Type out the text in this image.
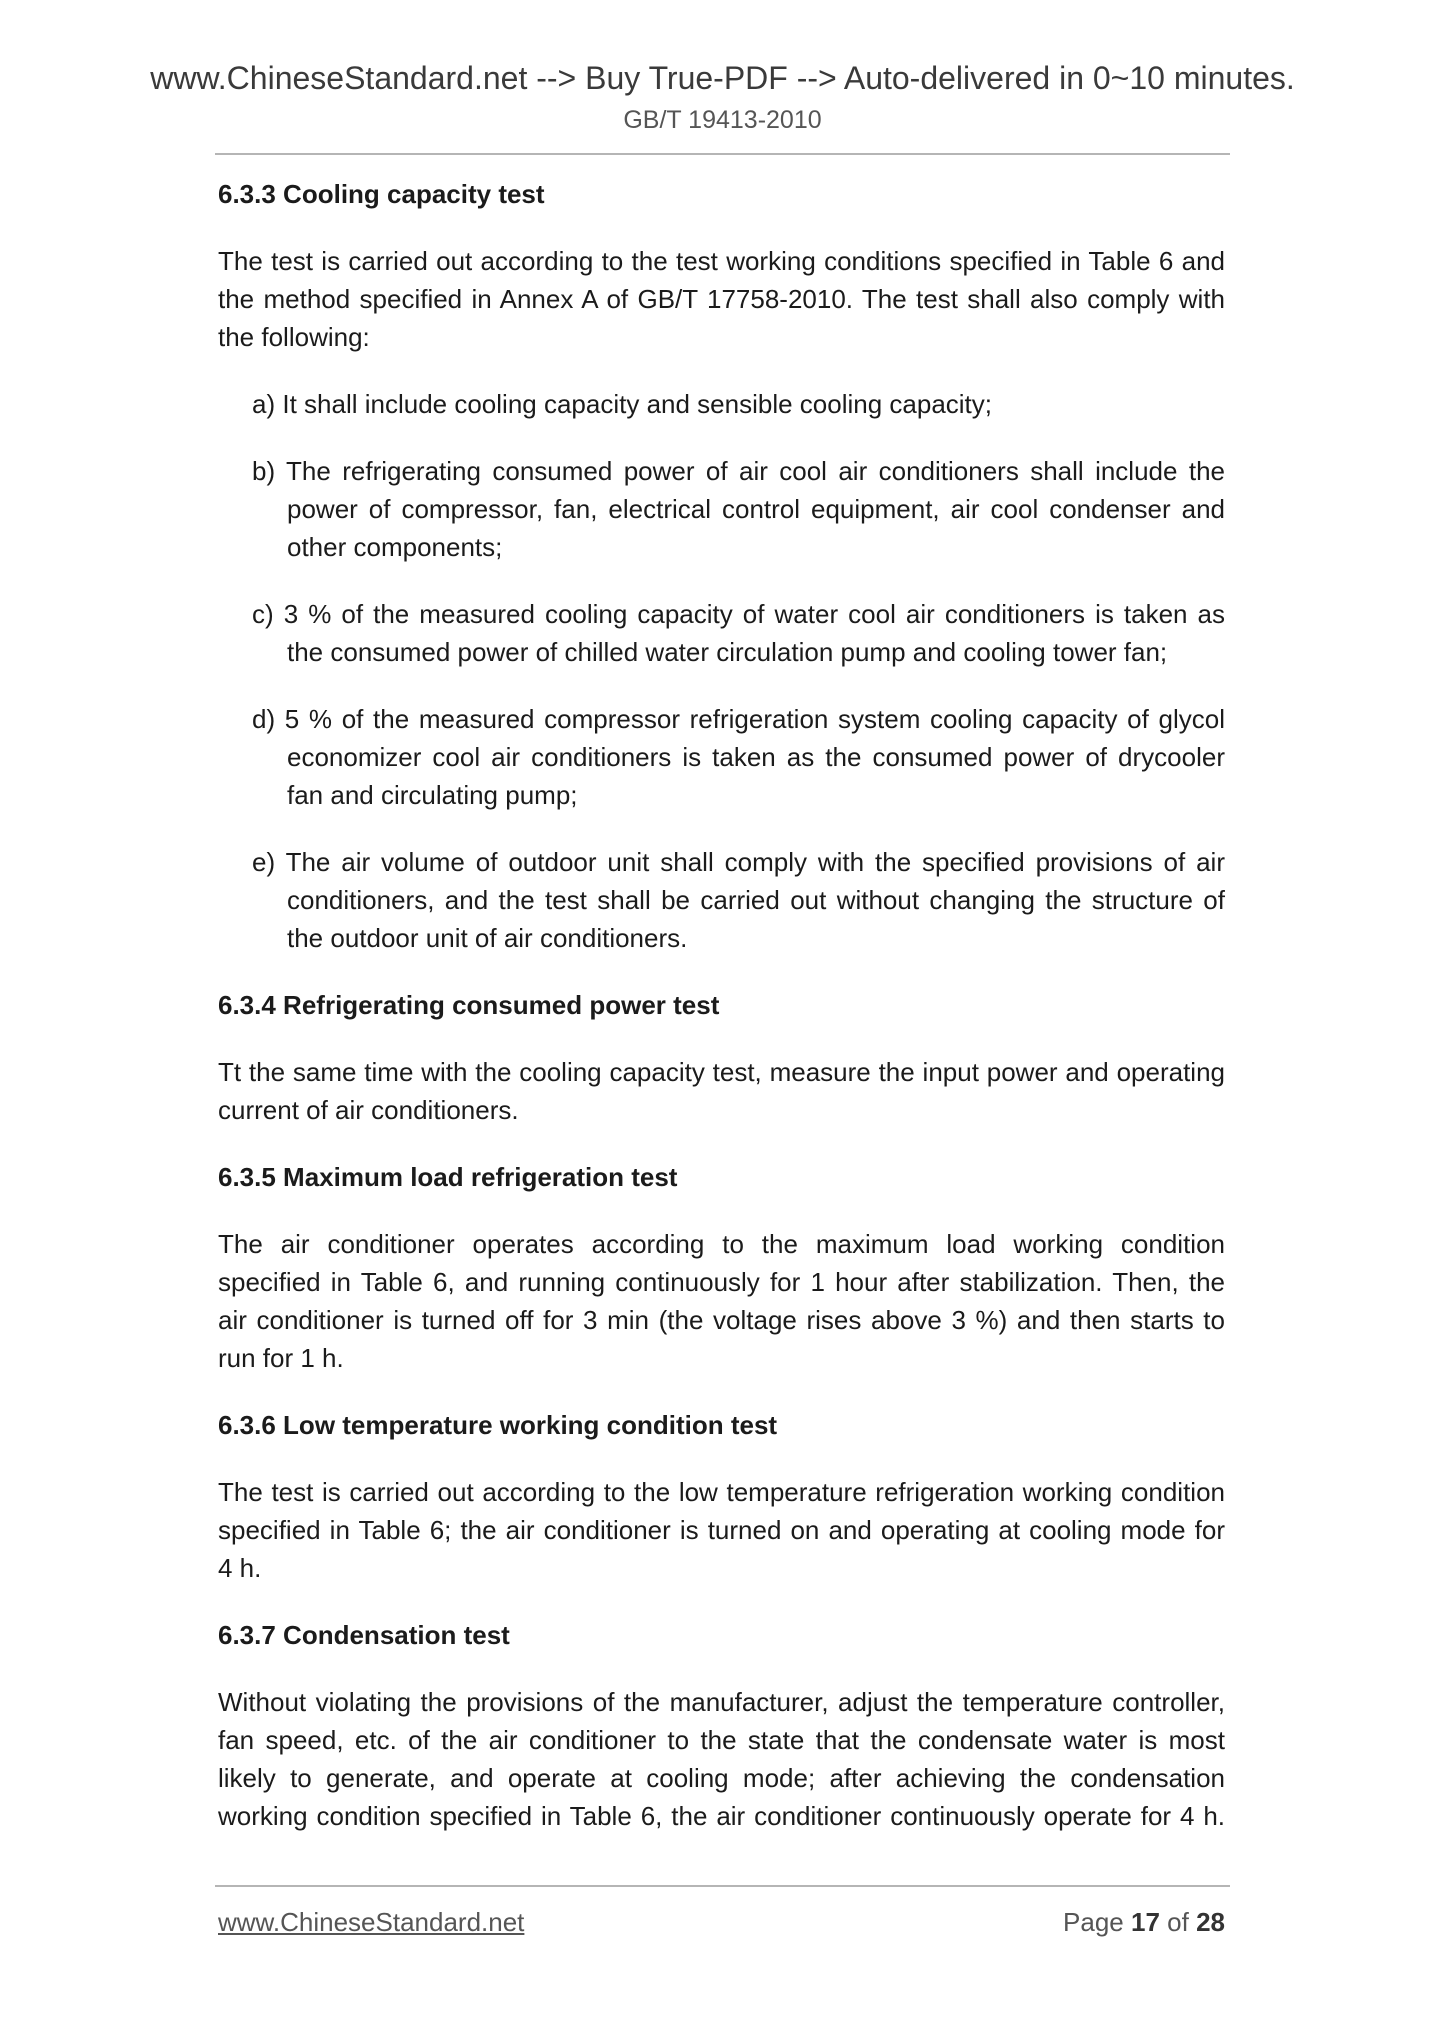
www.ChineseStandard.net --> Buy True-PDF --> Auto-delivered in 0~10 minutes.
GB/T 19413-2010
6.3.3 Cooling capacity test
The test is carried out according to the test working conditions specified in Table 6 and
the method specified in Annex A of GB/T 17758-2010. The test shall also comply with
the following:
a) It shall include cooling capacity and sensible cooling capacity;
b) The refrigerating consumed power of air cool air conditioners shall include the
power of compressor, fan, electrical control equipment, air cool condenser and
other components;
c) 3 % of the measured cooling capacity of water cool air conditioners is taken as
the consumed power of chilled water circulation pump and cooling tower fan;
d) 5 % of the measured compressor refrigeration system cooling capacity of glycol
economizer cool air conditioners is taken as the consumed power of drycooler
fan and circulating pump;
e) The air volume of outdoor unit shall comply with the specified provisions of air
conditioners, and the test shall be carried out without changing the structure of
the outdoor unit of air conditioners.
6.3.4 Refrigerating consumed power test
Tt the same time with the cooling capacity test, measure the input power and operating
current of air conditioners.
6.3.5 Maximum load refrigeration test
The air conditioner operates according to the maximum load working condition
specified in Table 6, and running continuously for 1 hour after stabilization. Then, the
air conditioner is turned off for 3 min (the voltage rises above 3 %) and then starts to
run for 1 h.
6.3.6 Low temperature working condition test
The test is carried out according to the low temperature refrigeration working condition
specified in Table 6; the air conditioner is turned on and operating at cooling mode for
4 h.
6.3.7 Condensation test
Without violating the provisions of the manufacturer, adjust the temperature controller,
fan speed, etc. of the air conditioner to the state that the condensate water is most
likely to generate, and operate at cooling mode; after achieving the condensation
working condition specified in Table 6, the air conditioner continuously operate for 4 h.
www.ChineseStandard.net	Page 17 of 28
